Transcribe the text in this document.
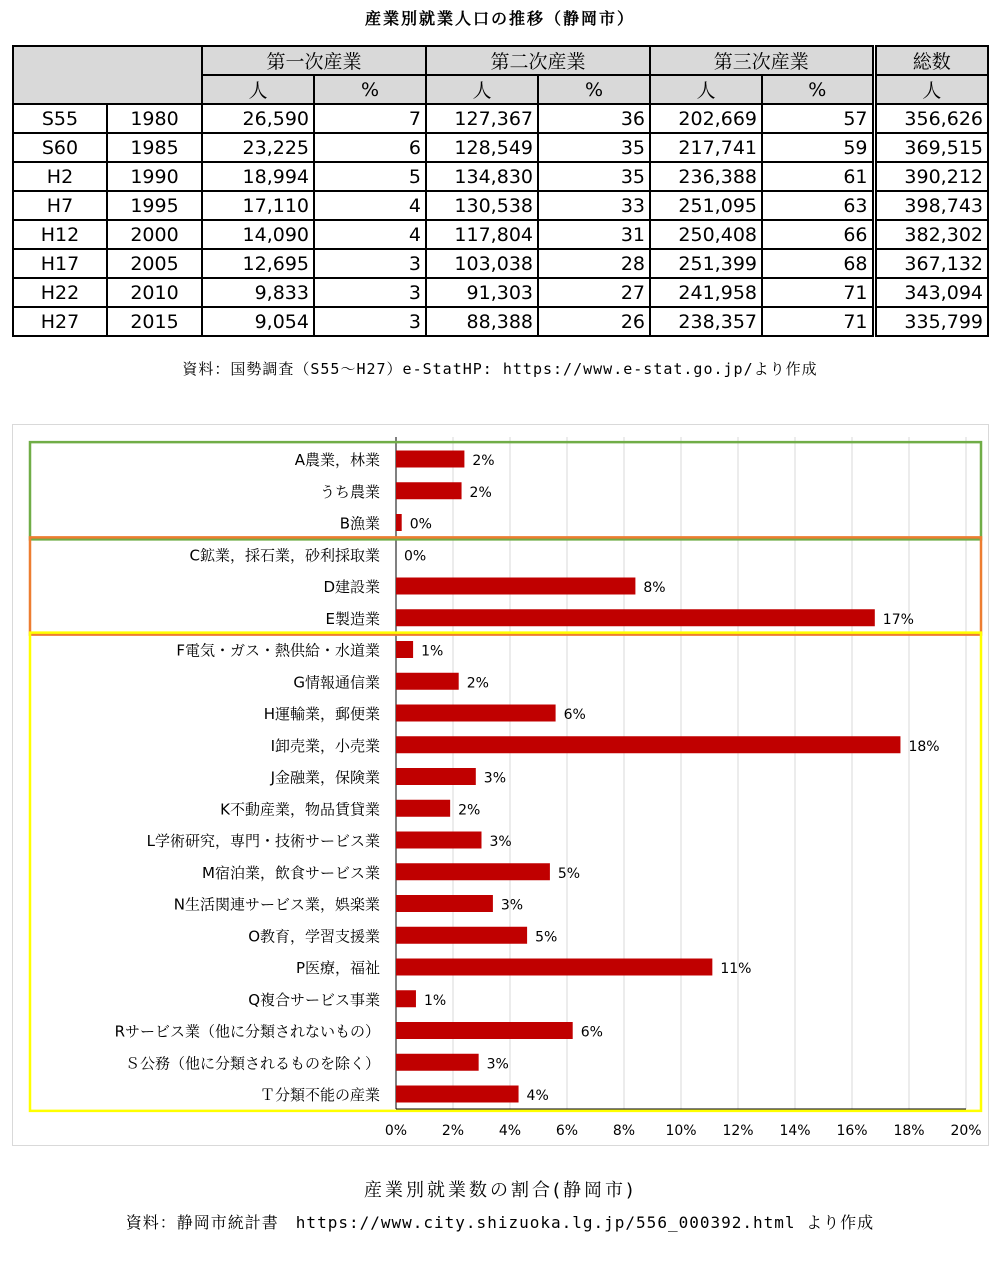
産業別就業人口の推移（静岡市）
		第一次産業		第二次産業		第三次産業		総数
		人	%	人	%	人	%	人
S55	1980	26,590	7	127,367	36	202,669	57	356,626
S60	1985	23,225	6	128,549	35	217,741	59	369,515
H2	1990	18,994	5	134,830	35	236,388	61	390,212
H7	1995	17,110	4	130,538	33	251,095	63	398,743
H12	2000	14,090	4	117,804	31	250,408	66	382,302
H17	2005	12,695	3	103,038	28	251,399	68	367,132
H22	2010	9,833	3	91,303	27	241,958	71	343,094
H27	2015	9,054	3	88,388	26	238,357	71	335,799
資料：国勢調査（S55～H27）e-StatHP: https://www.e-stat.go.jp/より作成
0% 2% 4% 6% 8% 10% 12% 14% 16% 18% 20%
A農業，林業	2%
うち農業	2%
B漁業 0%
C鉱業，採石業，砂利採取業 0%
D建設業	8%
E製造業	17%
F電気・ガス・熱供給・水道業	1%
G情報通信業	2%
H運輸業，郵便業	6%
I卸売業，小売業	18%
J金融業，保険業	3%
K不動産業，物品賃貸業	2%
L学術研究，専門・技術サービス業	3%
M宿泊業，飲食サービス業	5%
N生活関連サービス業，娯楽業	3%
O教育，学習支援業	5%
P医療，福祉	11%
Q複合サービス事業	1%
Rサービス業（他に分類されないもの）	6%
Ｓ公務（他に分類されるものを除く）	3%
Ｔ分類不能の産業	4%
産業別就業数の割合(静岡市)
資料：静岡市統計書　https://www.city.shizuoka.lg.jp/556_000392.html より作成
